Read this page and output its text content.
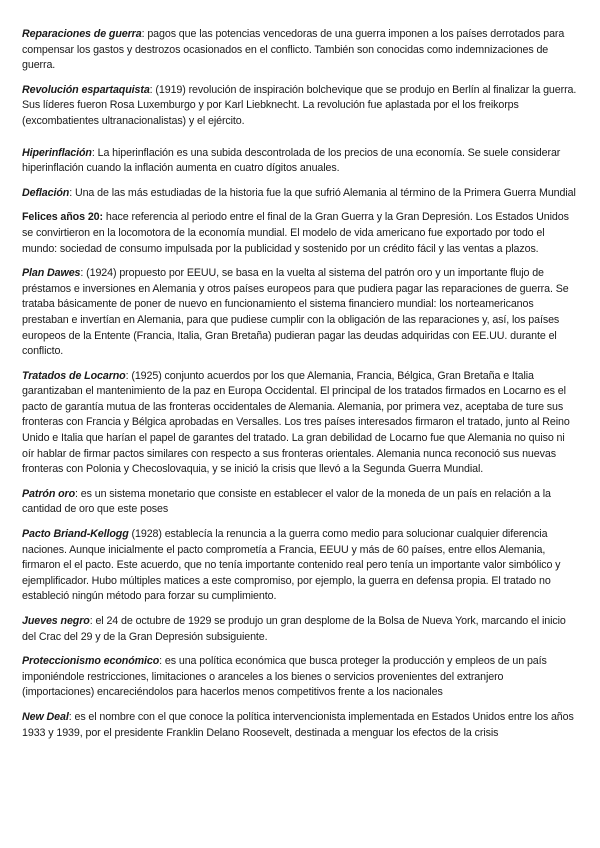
Reparaciones de guerra: pagos que las potencias vencedoras de una guerra imponen a los países derrotados para compensar los gastos y destrozos ocasionados en el conflicto. También son conocidas como indemnizaciones de guerra.

Revolución espartaquista: (1919) revolución de inspiración bolchevique que se produjo en Berlín al finalizar la guerra. Sus líderes fueron Rosa Luxemburgo y por Karl Liebknecht. La revolución fue aplastada por el los freikorps (excombatientes ultranacionalistas) y el ejército.

Hiperinflación: La hiperinflación es una subida descontrolada de los precios de una economía. Se suele considerar hiperinflación cuando la inflación aumenta en cuatro dígitos anuales.

Deflación: Una de las más estudiadas de la historia fue la que sufrió Alemania al término de la Primera Guerra Mundial

Felices años 20: hace referencia al periodo entre el final de la Gran Guerra y la Gran Depresión. Los Estados Unidos se convirtieron en la locomotora de la economía mundial. El modelo de vida americano fue exportado por todo el mundo: sociedad de consumo impulsada por la publicidad y sostenido por un crédito fácil y las ventas a plazos.

Plan Dawes: (1924) propuesto por EEUU, se basa en la vuelta al sistema del patrón oro y un importante flujo de préstamos e inversiones en Alemania y otros países europeos para que pudiera pagar las reparaciones de guerra. Se trataba básicamente de poner de nuevo en funcionamiento el sistema financiero mundial: los norteamericanos prestaban e invertían en Alemania, para que pudiese cumplir con la obligación de las reparaciones y, así, los países europeos de la Entente (Francia, Italia, Gran Bretaña) pudieran pagar las deudas adquiridas con EE.UU. durante el conflicto.

Tratados de Locarno: (1925) conjunto acuerdos por los que Alemania, Francia, Bélgica, Gran Bretaña e Italia garantizaban el mantenimiento de la paz en Europa Occidental. El principal de los tratados firmados en Locarno es el pacto de garantía mutua de las fronteras occidentales de Alemania. Alemania, por primera vez, aceptaba de ture sus fronteras con Francia y Bélgica aprobadas en Versalles. Los tres países interesados firmaron el tratado, junto al Reino Unido e Italia que harían el papel de garantes del tratado. La gran debilidad de Locarno fue que Alemania no quiso ni oír hablar de firmar pactos similares con respecto a sus fronteras orientales. Alemania nunca reconoció sus nuevas fronteras con Polonia y Checoslovaquia, y se inició la crisis que llevó a la Segunda Guerra Mundial.

Patrón oro: es un sistema monetario que consiste en establecer el valor de la moneda de un país en relación a la cantidad de oro que este poses

Pacto Briand-Kellogg (1928) establecía la renuncia a la guerra como medio para solucionar cualquier diferencia naciones. Aunque inicialmente el pacto comprometía a Francia, EEUU y más de 60 países, entre ellos Alemania, firmaron el el pacto. Este acuerdo, que no tenía importante contenido real pero tenía un importante valor simbólico y ejemplificador. Hubo múltiples matices a este compromiso, por ejemplo, la guerra en defensa propia. El tratado no estableció ningún método para forzar su cumplimiento.

Jueves negro: el 24 de octubre de 1929 se produjo un gran desplome de la Bolsa de Nueva York, marcando el inicio del Crac del 29 y de la Gran Depresión subsiguiente.

Proteccionismo económico: es una política económica que busca proteger la producción y empleos de un país imponiéndole restricciones, limitaciones o aranceles a los bienes o servicios provenientes del extranjero (importaciones) encareciéndolos para hacerlos menos competitivos frente a los nacionales

New Deal: es el nombre con el que conoce la política intervencionista implementada en Estados Unidos entre los años 1933 y 1939, por el presidente Franklin Delano Roosevelt, destinada a menguar los efectos de la crisis
